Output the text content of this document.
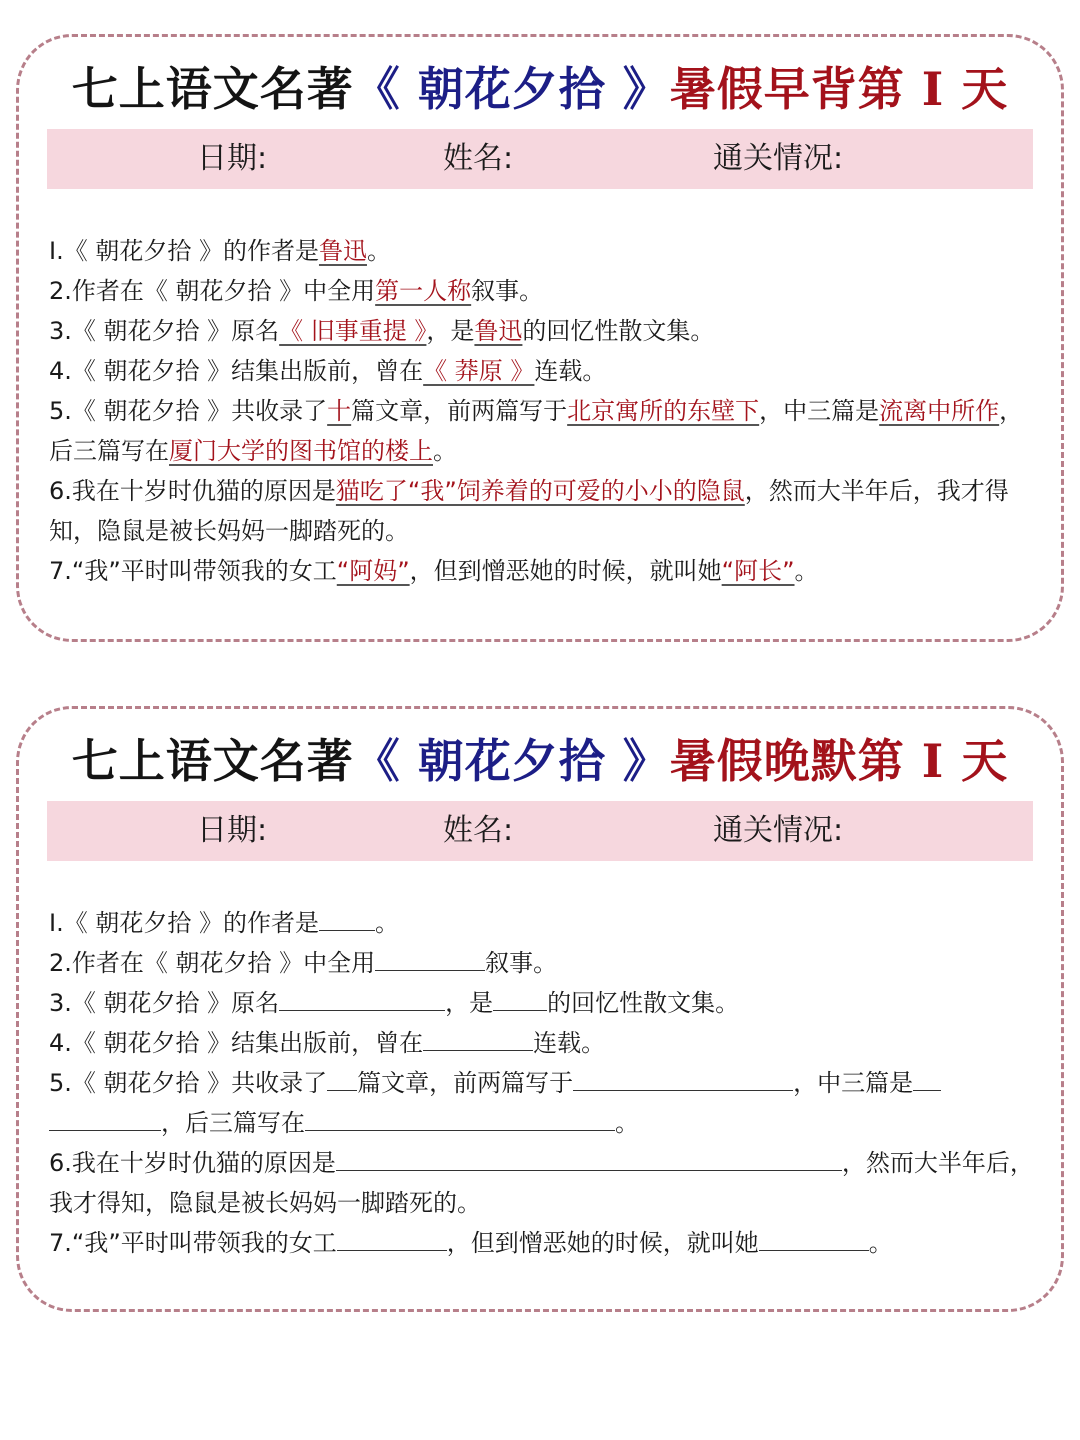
七上语文名著《 朝花夕拾 》暑假早背第 I 天
日期:	姓名:	通关情况:

I.《 朝花夕拾 》的作者是鲁迅。

2.作者在《 朝花夕拾 》中全用第一人称叙事。

3.《 朝花夕拾 》原名《 旧事重提 》，是鲁迅的回忆性散文集。

4.《 朝花夕拾 》结集出版前，曾在《 莽原 》连载。

5.《 朝花夕拾 》共收录了十篇文章，前两篇写于北京寓所的东壁下，中三篇是流离中所作，后三篇写在厦门大学的图书馆的楼上。

6.我在十岁时仇猫的原因是猫吃了“我”饲养着的可爱的小小的隐鼠，然而大半年后，我才得知，隐鼠是被长妈妈一脚踏死的。

7.“我”平时叫带领我的女工“阿妈”，但到憎恶她的时候，就叫她“阿长”。

七上语文名著《 朝花夕拾 》暑假晚默第 I 天
日期:	姓名:	通关情况:

I.《 朝花夕拾 》的作者是 。

2.作者在《 朝花夕拾 》中全用	叙事。

3.《 朝花夕拾 》原名	，是 的回忆性散文集。

4.《 朝花夕拾 》结集出版前，曾在	连载。

5.《 朝花夕拾 》共收录了 篇文章，前两篇写于	，中三篇是
，后三篇写在	。

6.我在十岁时仇猫的原因是	，然而大半年后，我才得知，隐鼠是被长妈妈一脚踏死的。

7.“我”平时叫带领我的女工	，但到憎恶她的时候，就叫她	。
